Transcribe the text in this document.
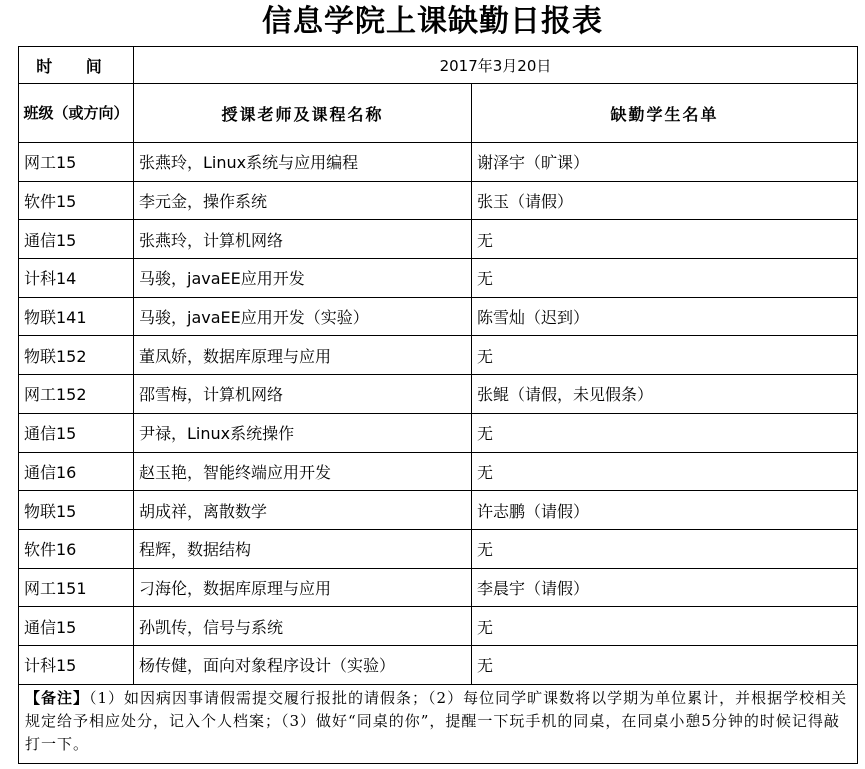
信息学院上课缺勤日报表
时 间	2017年3月20日	
班级（或方向）	授课老师及课程名称	缺勤学生名单
网工15	张燕玲，Linux系统与应用编程	谢泽宇（旷课）
软件15	李元金，操作系统	张玉（请假）
通信15	张燕玲，计算机网络	无
计科14	马骏，javaEE应用开发	无
物联141	马骏，javaEE应用开发（实验）	陈雪灿（迟到）
物联152	董凤娇，数据库原理与应用	无
网工152	邵雪梅，计算机网络	张鲲（请假，未见假条）
通信15	尹禄，Linux系统操作	无
通信16	赵玉艳，智能终端应用开发	无
物联15	胡成祥，离散数学	许志鹏（请假）
软件16	程辉，数据结构	无
网工151	刁海伦，数据库原理与应用	李晨宇（请假）
通信15	孙凯传，信号与系统	无
计科15	杨传健，面向对象程序设计（实验）	无
【备注】（1）如因病因事请假需提交履行报批的请假条；（2）每位同学旷课数将以学期为单位累计，并根据学校相关规定给予相应处分，记入个人档案；（3）做好“同桌的你”，提醒一下玩手机的同桌，在同桌小憩5分钟的时候记得敲打一下。		
